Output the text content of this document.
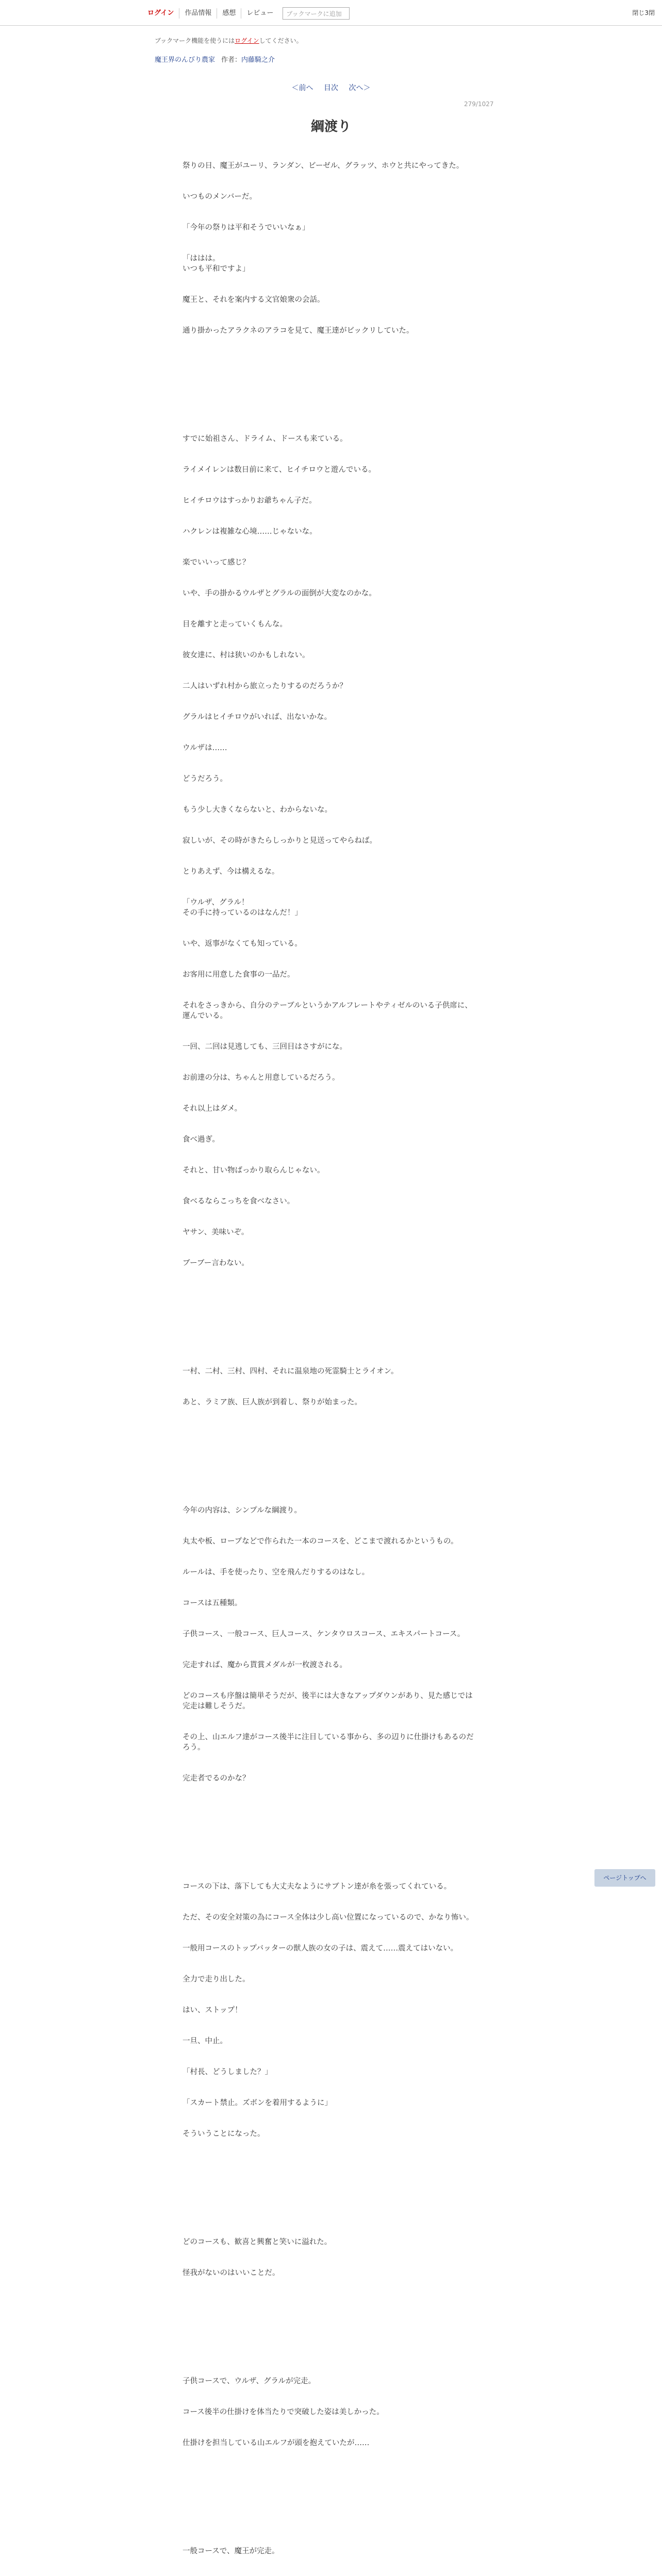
ログイン	作品情報	感想	レビュー	ブックマークに追加	閉じ3閉
ブックマーク機能を使うにはログインしてください。
魔王界のんびり農家 作者：内藤騎之介
＜前へ 目次 次へ＞
279/1027
綱渡り

祭りの日、魔王がユーリ、ランダン、ビーゼル、グラッツ、ホウと共にやってきた。

いつものメンバーだ。

「今年の祭りは平和そうでいいなぁ」

「ははは。
いつも平和ですよ」

魔王と、それを案内する文官娘衆の会話。

通り掛かったアラクネのアラコを見て、魔王達がビックリしていた。

すでに始祖さん、ドライム、ドースも来ている。

ライメイレンは数日前に来て、ヒイチロウと遊んでいる。

ヒイチロウはすっかりお爺ちゃん子だ。

ハクレンは複雑な心境……じゃないな。

楽でいいって感じ？

いや、手の掛かるウルザとグラルの面倒が大変なのかな。

目を離すと走っていくもんな。

彼女達に、村は狭いのかもしれない。

二人はいずれ村から旅立ったりするのだろうか？

グラルはヒイチロウがいれば、出ないかな。

ウルザは……

どうだろう。

もう少し大きくならないと、わからないな。

寂しいが、その時がきたらしっかりと見送ってやらねば。

とりあえず、今は構えるな。

「ウルザ、グラル！
その手に持っているのはなんだ！」

いや、返事がなくても知っている。

お客用に用意した食事の一品だ。

それをさっきから、自分のテーブルというかアルフレートやティゼルのいる子供席に、運んでいる。

一回、二回は見逃しても、三回目はさすがにな。

お前達の分は、ちゃんと用意しているだろう。

それ以上はダメ。

食べ過ぎ。

それと、甘い物ばっかり取らんじゃない。

食べるならこっちを食べなさい。

ヤサン、美味いぞ。

ブーブー言わない。

一村、二村、三村、四村、それに温泉地の死霊騎士とライオン。

あと、ラミア族、巨人族が到着し、祭りが始まった。

今年の内容は、シンプルな綱渡り。

丸太や板、ロープなどで作られた一本のコースを、どこまで渡れるかというもの。

ルールは、手を使ったり、空を飛んだりするのはなし。

コースは五種類。

子供コース、一般コース、巨人コース、ケンタウロスコース、エキスパートコース。

完走すれば、魔から貰賞メダルが一枚渡される。

どのコースも序盤は簡単そうだが、後半には大きなアップダウンがあり、見た感じでは完走は難しそうだ。

その上、山エルフ達がコース後半に注目している事から、多の辺りに仕掛けもあるのだろう。

完走者でるのかな？

コースの下は、落下しても大丈夫なようにサブトン達が糸を張ってくれている。

ただ、その安全対策の為にコース全体は少し高い位置になっているので、かなり怖い。

一般用コースのトップバッターの獣人族の女の子は、震えて……震えてはいない。

全力で走り出した。

はい、ストップ！

一旦、中止。

「村長、どうしました？」

「スカート禁止。ズボンを着用するように」

そういうことになった。

どのコースも、歓喜と興奮と笑いに溢れた。

怪我がないのはいいことだ。

子供コースで、ウルザ、グラルが完走。

コース後半の仕掛けを体当たりで突破した姿は美しかった。

仕掛けを担当している山エルフが頭を抱えていたが……

一般コースで、魔王が完走。

ページトップへ
